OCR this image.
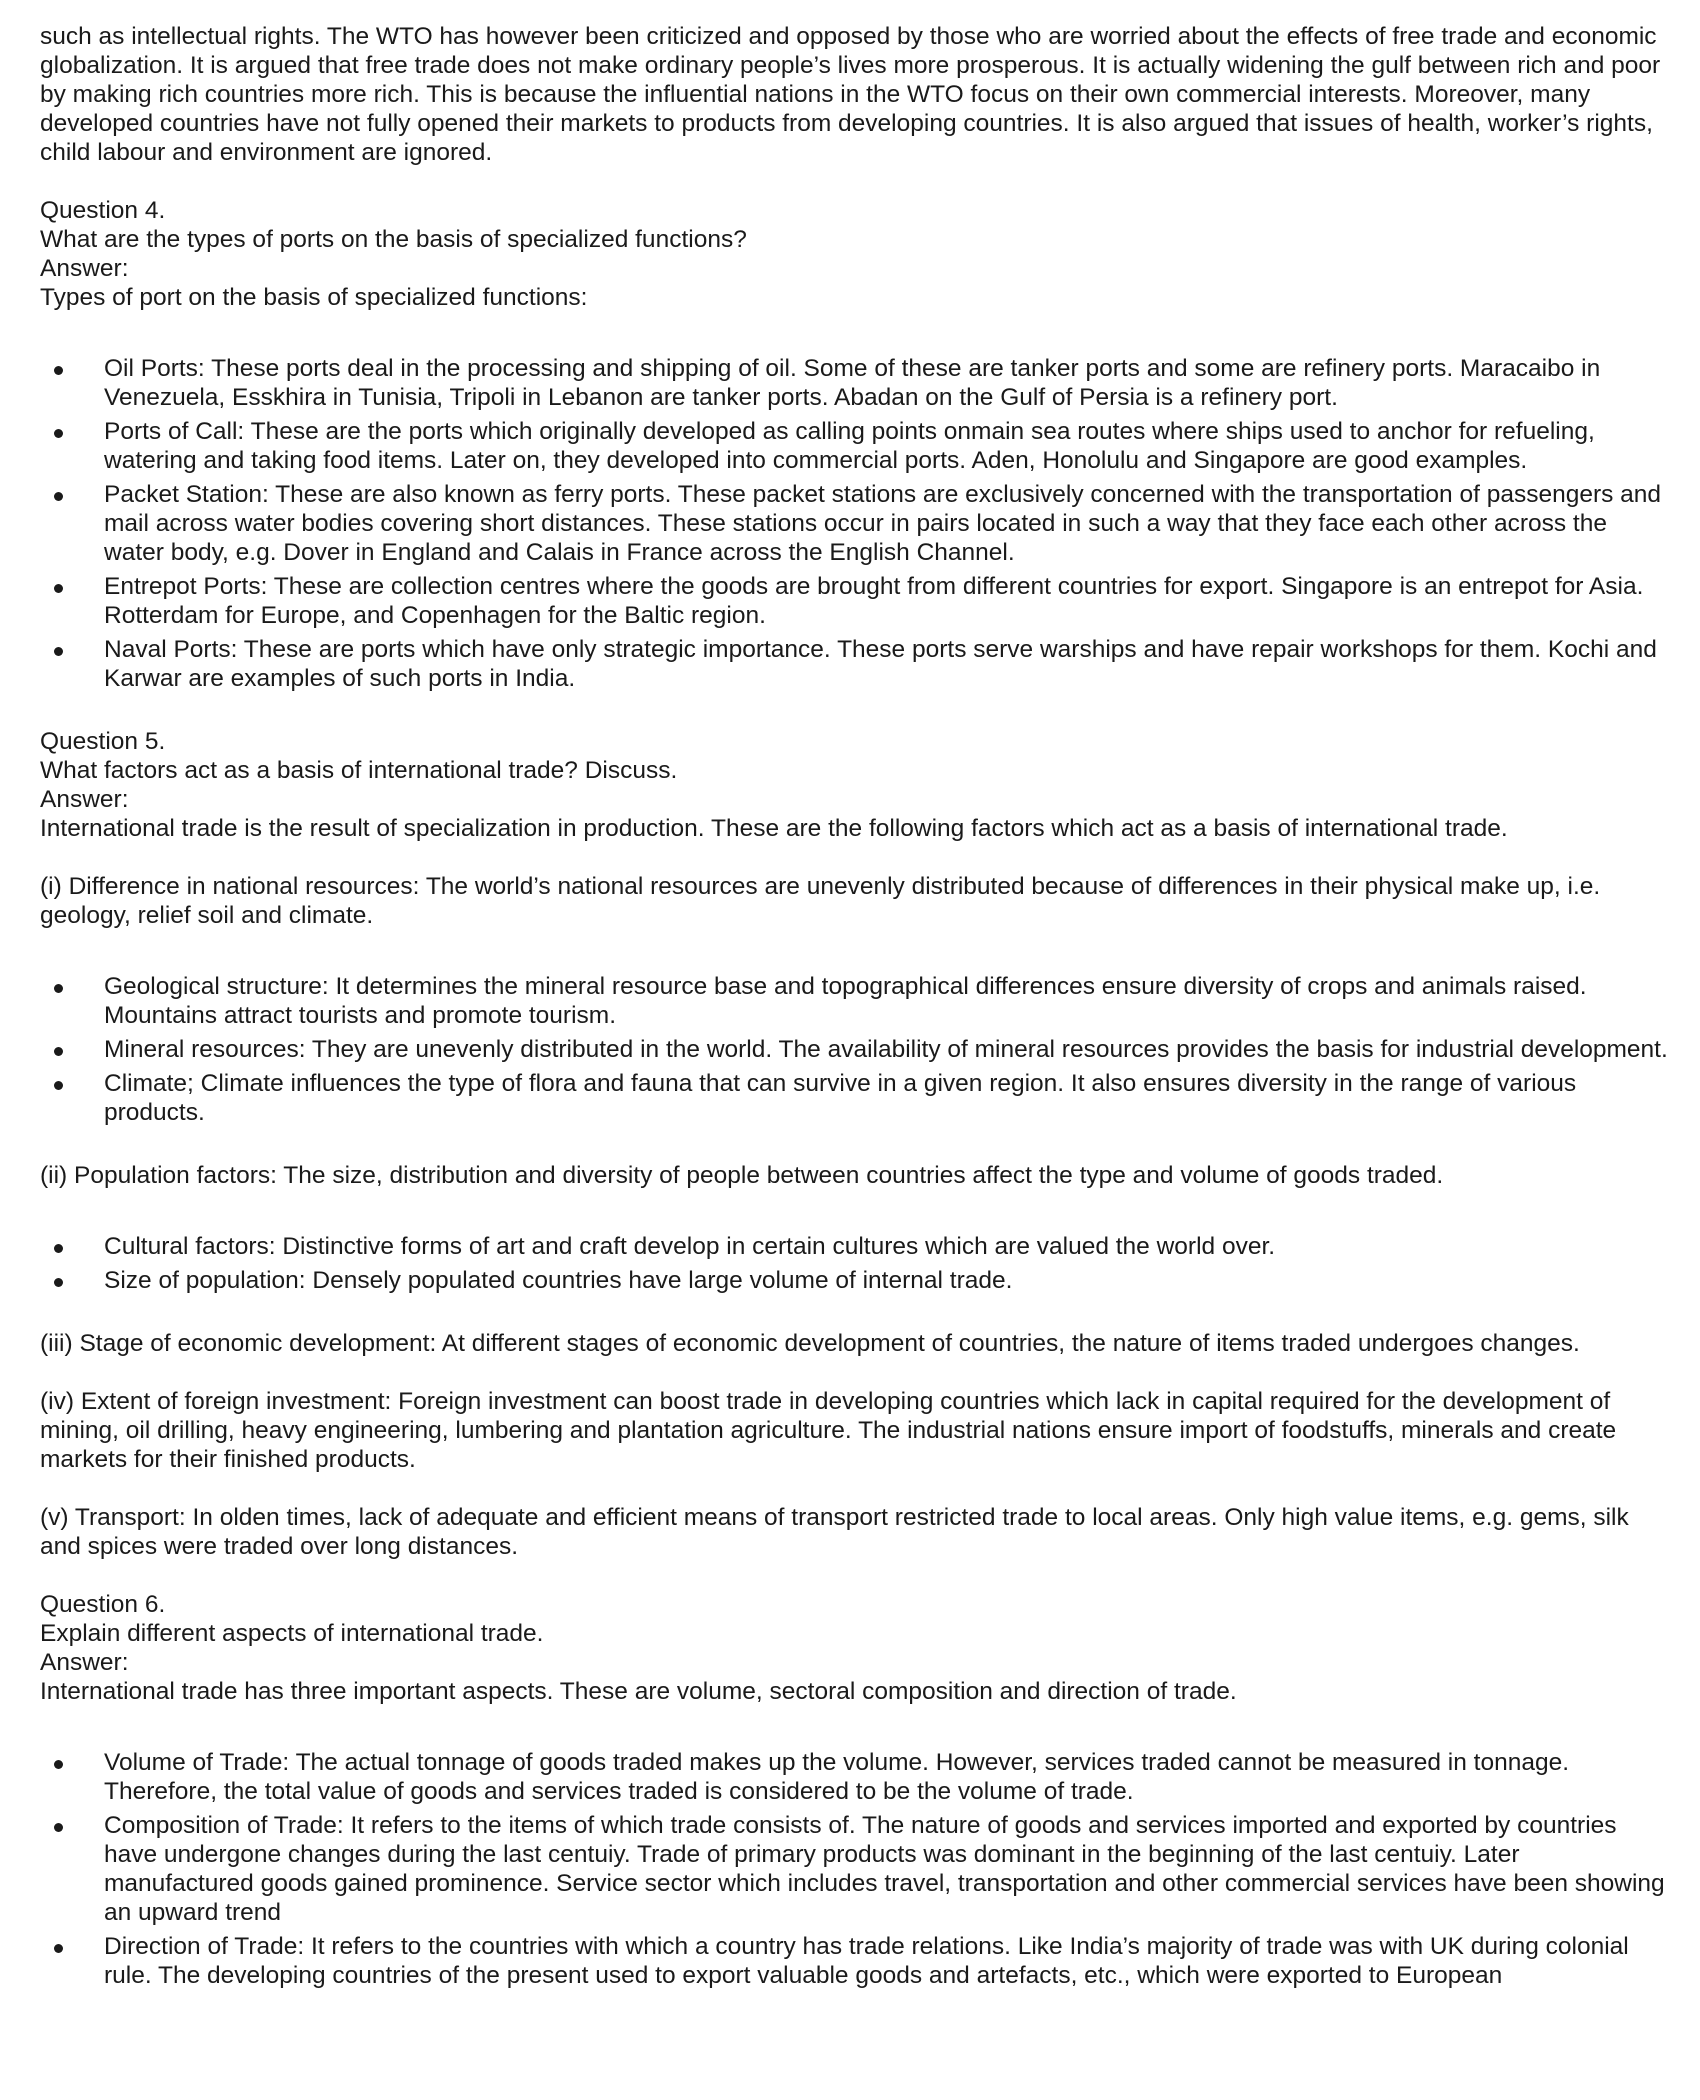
such as intellectual rights. The WTO has however been criticized and opposed by those who are worried about the effects of free trade and economic globalization. It is argued that free trade does not make ordinary people’s lives more prosperous. It is actually widening the gulf between rich and poor by making rich countries more rich. This is because the influential nations in the WTO focus on their own commercial interests. Moreover, many developed countries have not fully opened their markets to products from developing countries. It is also argued that issues of health, worker’s rights, child labour and environment are ignored.

Question 4.

What are the types of ports on the basis of specialized functions?

Answer:

Types of port on the basis of specialized functions:

Oil Ports: These ports deal in the processing and shipping of oil. Some of these are tanker ports and some are refinery ports. Maracaibo in Venezuela, Esskhira in Tunisia, Tripoli in Lebanon are tanker ports. Abadan on the Gulf of Persia is a refinery port.
Ports of Call: These are the ports which originally developed as calling points onmain sea routes where ships used to anchor for refueling, watering and taking food items. Later on, they developed into commercial ports. Aden, Honolulu and Singapore are good examples.
Packet Station: These are also known as ferry ports. These packet stations are exclusively concerned with the transportation of passengers and mail across water bodies covering short distances. These stations occur in pairs located in such a way that they face each other across the water body, e.g. Dover in England and Calais in France across the English Channel.
Entrepot Ports: These are collection centres where the goods are brought from different countries for export. Singapore is an entrepot for Asia. Rotterdam for Europe, and Copenhagen for the Baltic region.
Naval Ports: These are ports which have only strategic importance. These ports serve warships and have repair workshops for them. Kochi and Karwar are examples of such ports in India.

Question 5.

What factors act as a basis of international trade? Discuss.

Answer:

International trade is the result of specialization in production. These are the following factors which act as a basis of international trade.

(i) Difference in national resources: The world’s national resources are unevenly distributed because of differences in their physical make up, i.e. geology, relief soil and climate.

Geological structure: It determines the mineral resource base and topographical differences ensure diversity of crops and animals raised. Mountains attract tourists and promote tourism.
Mineral resources: They are unevenly distributed in the world. The availability of mineral resources provides the basis for industrial development.
Climate; Climate influences the type of flora and fauna that can survive in a given region. It also ensures diversity in the range of various products.

(ii) Population factors: The size, distribution and diversity of people between countries affect the type and volume of goods traded.

Cultural factors: Distinctive forms of art and craft develop in certain cultures which are valued the world over.
Size of population: Densely populated countries have large volume of internal trade.

(iii) Stage of economic development: At different stages of economic development of countries, the nature of items traded undergoes changes.

(iv) Extent of foreign investment: Foreign investment can boost trade in developing countries which lack in capital required for the development of mining, oil drilling, heavy engineering, lumbering and plantation agriculture. The industrial nations ensure import of foodstuffs, minerals and create markets for their finished products.

(v) Transport: In olden times, lack of adequate and efficient means of transport restricted trade to local areas. Only high value items, e.g. gems, silk and spices were traded over long distances.

Question 6.

Explain different aspects of international trade.

Answer:

International trade has three important aspects. These are volume, sectoral composition and direction of trade.

Volume of Trade: The actual tonnage of goods traded makes up the volume. However, services traded cannot be measured in tonnage. Therefore, the total value of goods and services traded is considered to be the volume of trade.
Composition of Trade: It refers to the items of which trade consists of. The nature of goods and services imported and exported by countries have undergone changes during the last centuiy. Trade of primary products was dominant in the beginning of the last centuiy. Later manufactured goods gained prominence. Service sector which includes travel, transportation and other commercial services have been showing an upward trend
Direction of Trade: It refers to the countries with which a country has trade relations. Like India’s majority of trade was with UK during colonial rule. The developing countries of the present used to export valuable goods and artefacts, etc., which were exported to European
